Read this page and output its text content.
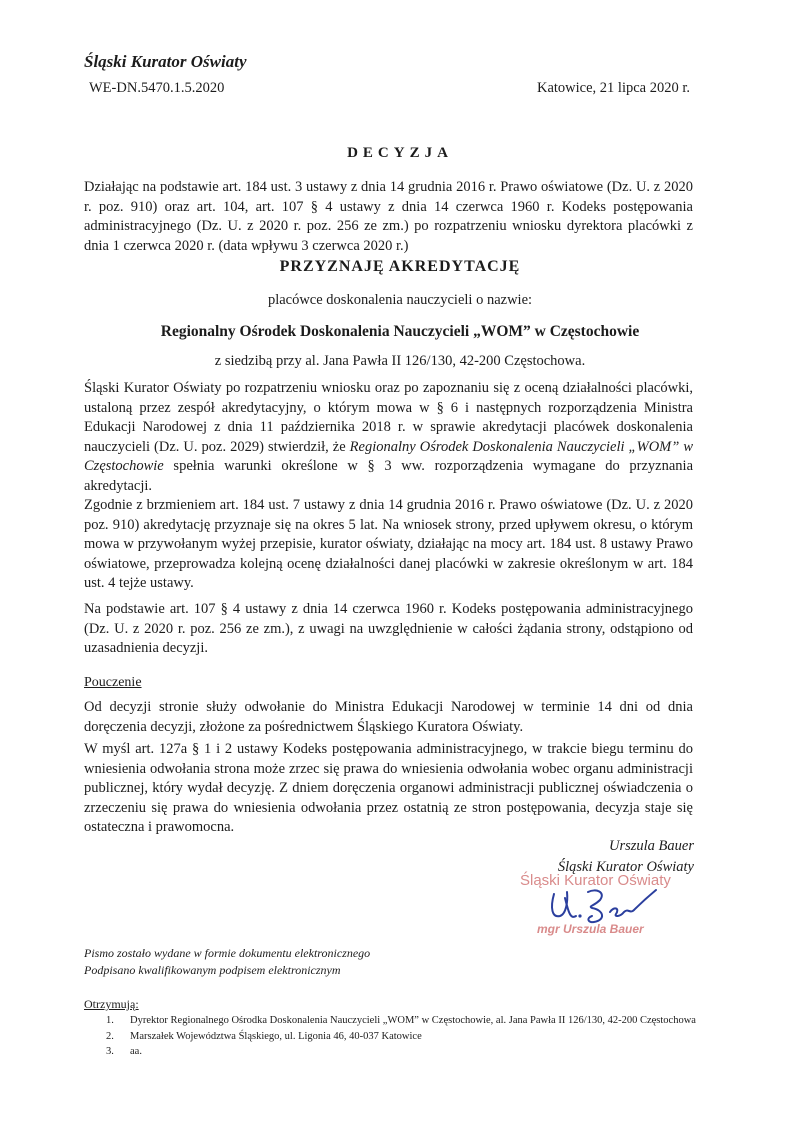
Śląski Kurator Oświaty

WE-DN.5470.1.5.2020	Katowice, 21 lipca 2020 r.
DECYZJA

Działając na podstawie art. 184 ust. 3 ustawy z dnia 14 grudnia 2016 r. Prawo oświatowe (Dz. U. z 2020 r. poz. 910) oraz art. 104, art. 107 § 4 ustawy z dnia 14 czerwca 1960 r. Kodeks postępowania administracyjnego (Dz. U. z 2020 r. poz. 256 ze zm.) po rozpatrzeniu wniosku dyrektora placówki z dnia 1 czerwca 2020 r. (data wpływu 3 czerwca 2020 r.)

PRZYZNAJĘ AKREDYTACJĘ

placówce doskonalenia nauczycieli o nazwie:

Regionalny Ośrodek Doskonalenia Nauczycieli „WOM” w Częstochowie

z siedzibą przy al. Jana Pawła II 126/130, 42-200 Częstochowa.

Śląski Kurator Oświaty po rozpatrzeniu wniosku oraz po zapoznaniu się z oceną działalności placówki, ustaloną przez zespół akredytacyjny, o którym mowa w § 6 i następnych rozporządzenia Ministra Edukacji Narodowej z dnia 11 października 2018 r. w sprawie akredytacji placówek doskonalenia nauczycieli (Dz. U. poz. 2029) stwierdził, że Regionalny Ośrodek Doskonalenia Nauczycieli „WOM” w Częstochowie spełnia warunki określone w § 3 ww. rozporządzenia wymagane do przyznania akredytacji.

Zgodnie z brzmieniem art. 184 ust. 7 ustawy z dnia 14 grudnia 2016 r. Prawo oświatowe (Dz. U. z 2020 poz. 910) akredytację przyznaje się na okres 5 lat. Na wniosek strony, przed upływem okresu, o którym mowa w przywołanym wyżej przepisie, kurator oświaty, działając na mocy art. 184 ust. 8 ustawy Prawo oświatowe, przeprowadza kolejną ocenę działalności danej placówki w zakresie określonym w art. 184 ust. 4 tejże ustawy.

Na podstawie art. 107 § 4 ustawy z dnia 14 czerwca 1960 r. Kodeks postępowania administracyjnego (Dz. U. z 2020 r. poz. 256 ze zm.), z uwagi na uwzględnienie w całości żądania strony, odstąpiono od uzasadnienia decyzji.

Pouczenie

Od decyzji stronie służy odwołanie do Ministra Edukacji Narodowej w terminie 14 dni od dnia doręczenia decyzji, złożone za pośrednictwem Śląskiego Kuratora Oświaty.

W myśl art. 127a § 1 i 2 ustawy Kodeks postępowania administracyjnego, w trakcie biegu terminu do wniesienia odwołania strona może zrzec się prawa do wniesienia odwołania wobec organu administracji publicznej, który wydał decyzję. Z dniem doręczenia organowi administracji publicznej oświadczenia o zrzeczeniu się prawa do wniesienia odwołania przez ostatnią ze stron postępowania, decyzja staje się ostateczna i prawomocna.

Urszula Bauer
Śląski Kurator Oświaty
Śląski Kurator Oświaty
mgr Urszula Bauer
Pismo zostało wydane w formie dokumentu elektronicznego
Podpisano kwalifikowanym podpisem elektronicznym
Otrzymują:
1.	Dyrektor Regionalnego Ośrodka Doskonalenia Nauczycieli „WOM” w Częstochowie, al. Jana Pawła II 126/130, 42-200 Częstochowa
2.	Marszałek Województwa Śląskiego, ul. Ligonia 46, 40-037 Katowice
3.	aa.
